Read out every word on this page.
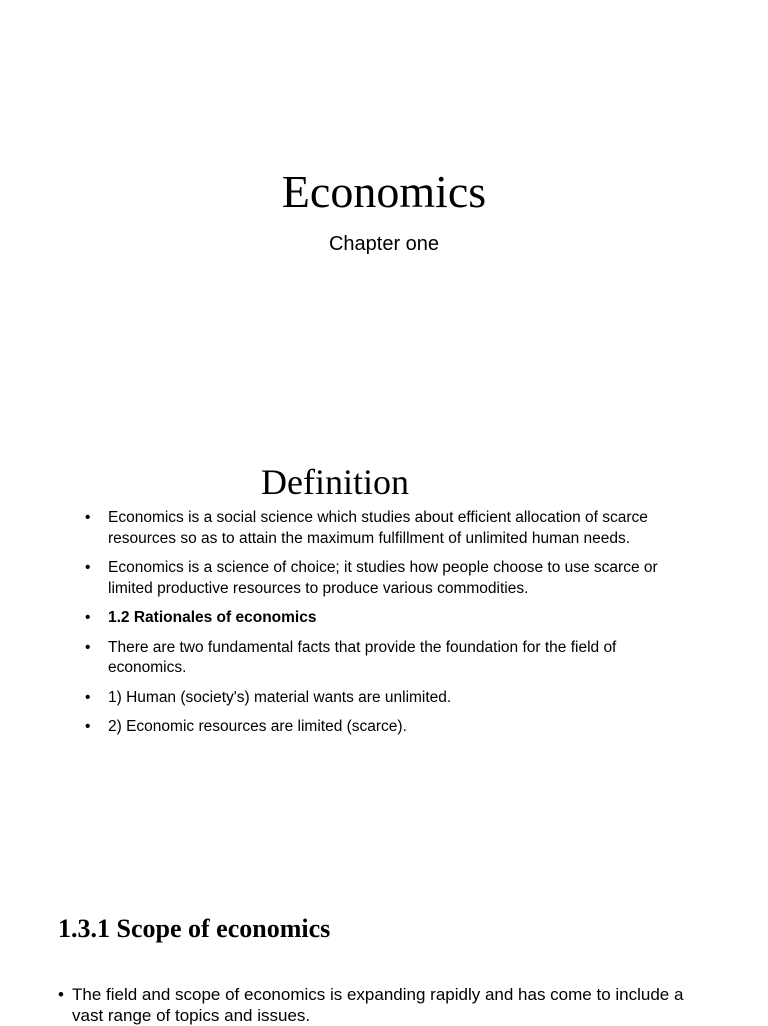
Economics

Chapter one

Definition
• Economics is a social science which studies about efficient allocation of scarce resources so as to attain the maximum fulfillment of unlimited human needs.
• Economics is a science of choice; it studies how people choose to use scarce or limited productive resources to produce various commodities.
• 1.2 Rationales of economics
• There are two fundamental facts that provide the foundation for the field of economics.
• 1) Human (society's) material wants are unlimited.
• 2) Economic resources are limited (scarce).
1.3.1 Scope of economics
• The field and scope of economics is expanding rapidly and has come to include a vast range of topics and issues.
